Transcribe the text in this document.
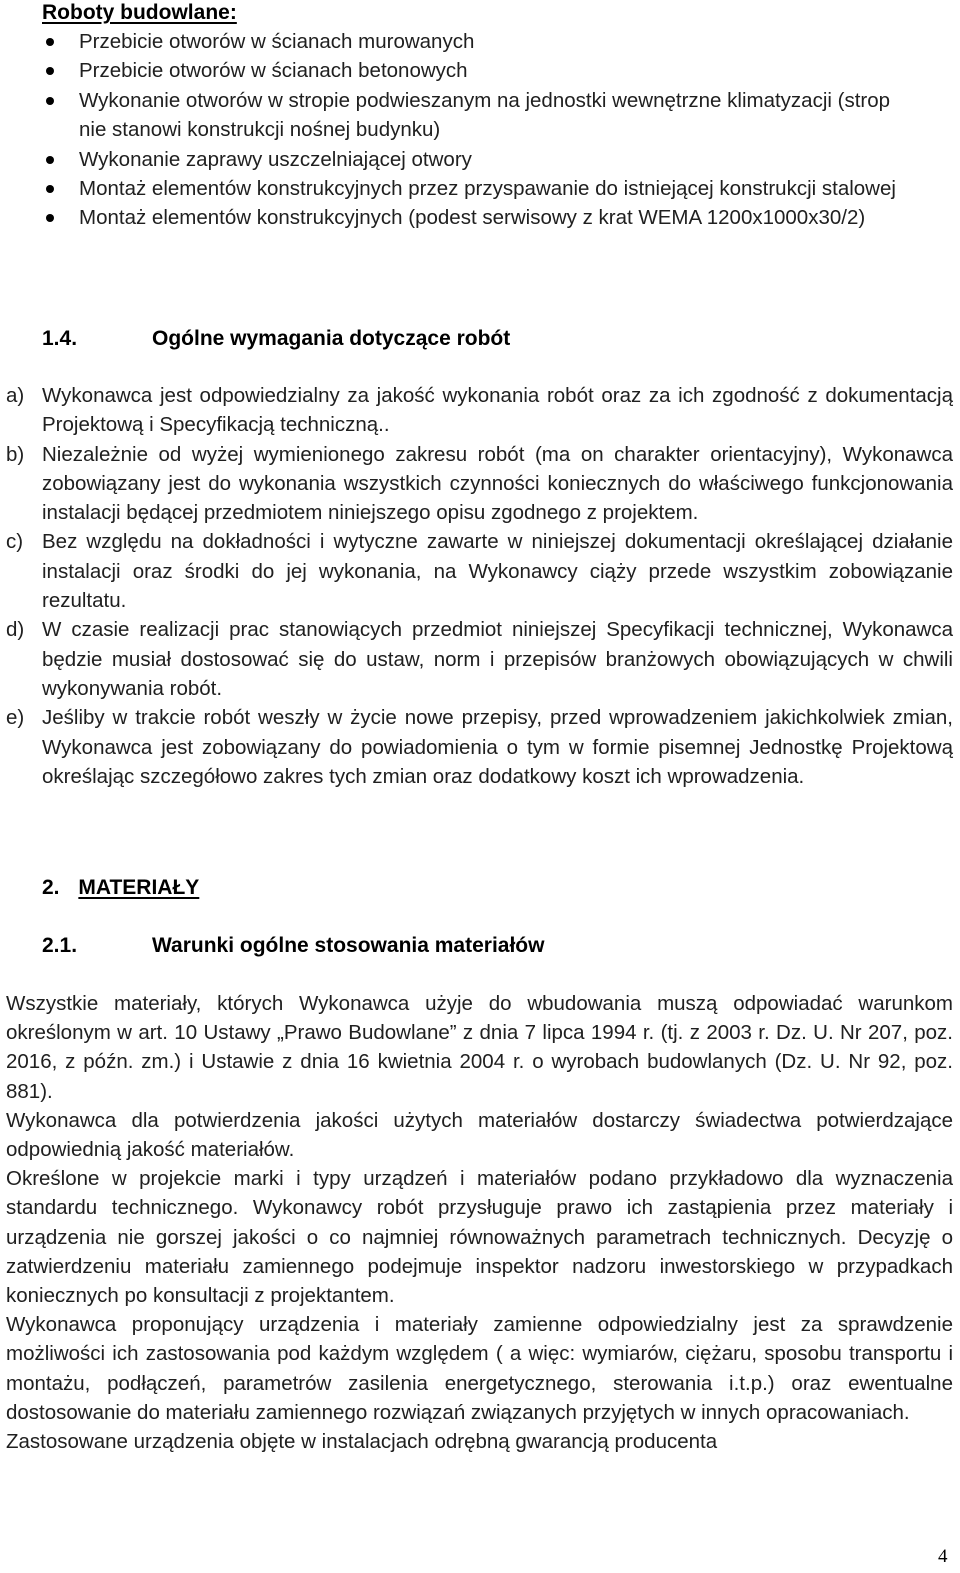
Roboty budowlane:
Przebicie otworów w ścianach murowanych
Przebicie otworów w ścianach betonowych
Wykonanie otworów w stropie podwieszanym na jednostki wewnętrzne klimatyzacji (strop nie stanowi konstrukcji nośnej budynku)
Wykonanie zaprawy uszczelniającej otwory
Montaż elementów konstrukcyjnych przez przyspawanie do istniejącej konstrukcji stalowej
Montaż elementów konstrukcyjnych (podest serwisowy z krat WEMA 1200x1000x30/2)
1.4.	Ogólne wymagania dotyczące robót
a) Wykonawca jest odpowiedzialny za jakość wykonania robót oraz za ich zgodność z dokumentacją Projektową i Specyfikacją techniczną..
b) Niezależnie od wyżej wymienionego zakresu robót (ma on charakter orientacyjny), Wykonawca zobowiązany jest do wykonania wszystkich czynności koniecznych do właściwego funkcjonowania instalacji będącej przedmiotem niniejszego opisu zgodnego z projektem.
c) Bez względu na dokładności i wytyczne zawarte w niniejszej dokumentacji określającej działanie instalacji oraz środki do jej wykonania, na Wykonawcy ciąży przede wszystkim zobowiązanie rezultatu.
d) W czasie realizacji prac stanowiących przedmiot niniejszej Specyfikacji technicznej, Wykonawca będzie musiał dostosować się do ustaw, norm i przepisów branżowych obowiązujących w chwili wykonywania robót.
e) Jeśliby w trakcie robót weszły w życie nowe przepisy, przed wprowadzeniem jakichkolwiek zmian, Wykonawca jest zobowiązany do powiadomienia o tym w formie pisemnej Jednostkę Projektową określając szczegółowo zakres tych zmian oraz dodatkowy koszt ich wprowadzenia.
2. MATERIAŁY
2.1.	Warunki ogólne stosowania materiałów

Wszystkie materiały, których Wykonawca użyje do wbudowania muszą odpowiadać warunkom określonym w art. 10 Ustawy „Prawo Budowlane” z dnia 7 lipca 1994 r. (tj. z 2003 r. Dz. U. Nr 207, poz. 2016, z późn. zm.) i Ustawie z dnia 16 kwietnia 2004 r. o wyrobach budowlanych (Dz. U. Nr 92, poz. 881).

Wykonawca dla potwierdzenia jakości użytych materiałów dostarczy świadectwa potwierdzające odpowiednią jakość materiałów.

Określone w projekcie marki i typy urządzeń i materiałów podano przykładowo dla wyznaczenia standardu technicznego. Wykonawcy robót przysługuje prawo ich zastąpienia przez materiały i urządzenia nie gorszej jakości o co najmniej równoważnych parametrach technicznych. Decyzję o zatwierdzeniu materiału zamiennego podejmuje inspektor nadzoru inwestorskiego w przypadkach koniecznych po konsultacji z projektantem.

Wykonawca proponujący urządzenia i materiały zamienne odpowiedzialny jest za sprawdzenie możliwości ich zastosowania pod każdym względem ( a więc: wymiarów, ciężaru, sposobu transportu i montażu, podłączeń, parametrów zasilenia energetycznego, sterowania i.t.p.) oraz ewentualne dostosowanie do materiału zamiennego rozwiązań związanych przyjętych w innych opracowaniach.

Zastosowane urządzenia objęte w instalacjach odrębną gwarancją producenta

4
